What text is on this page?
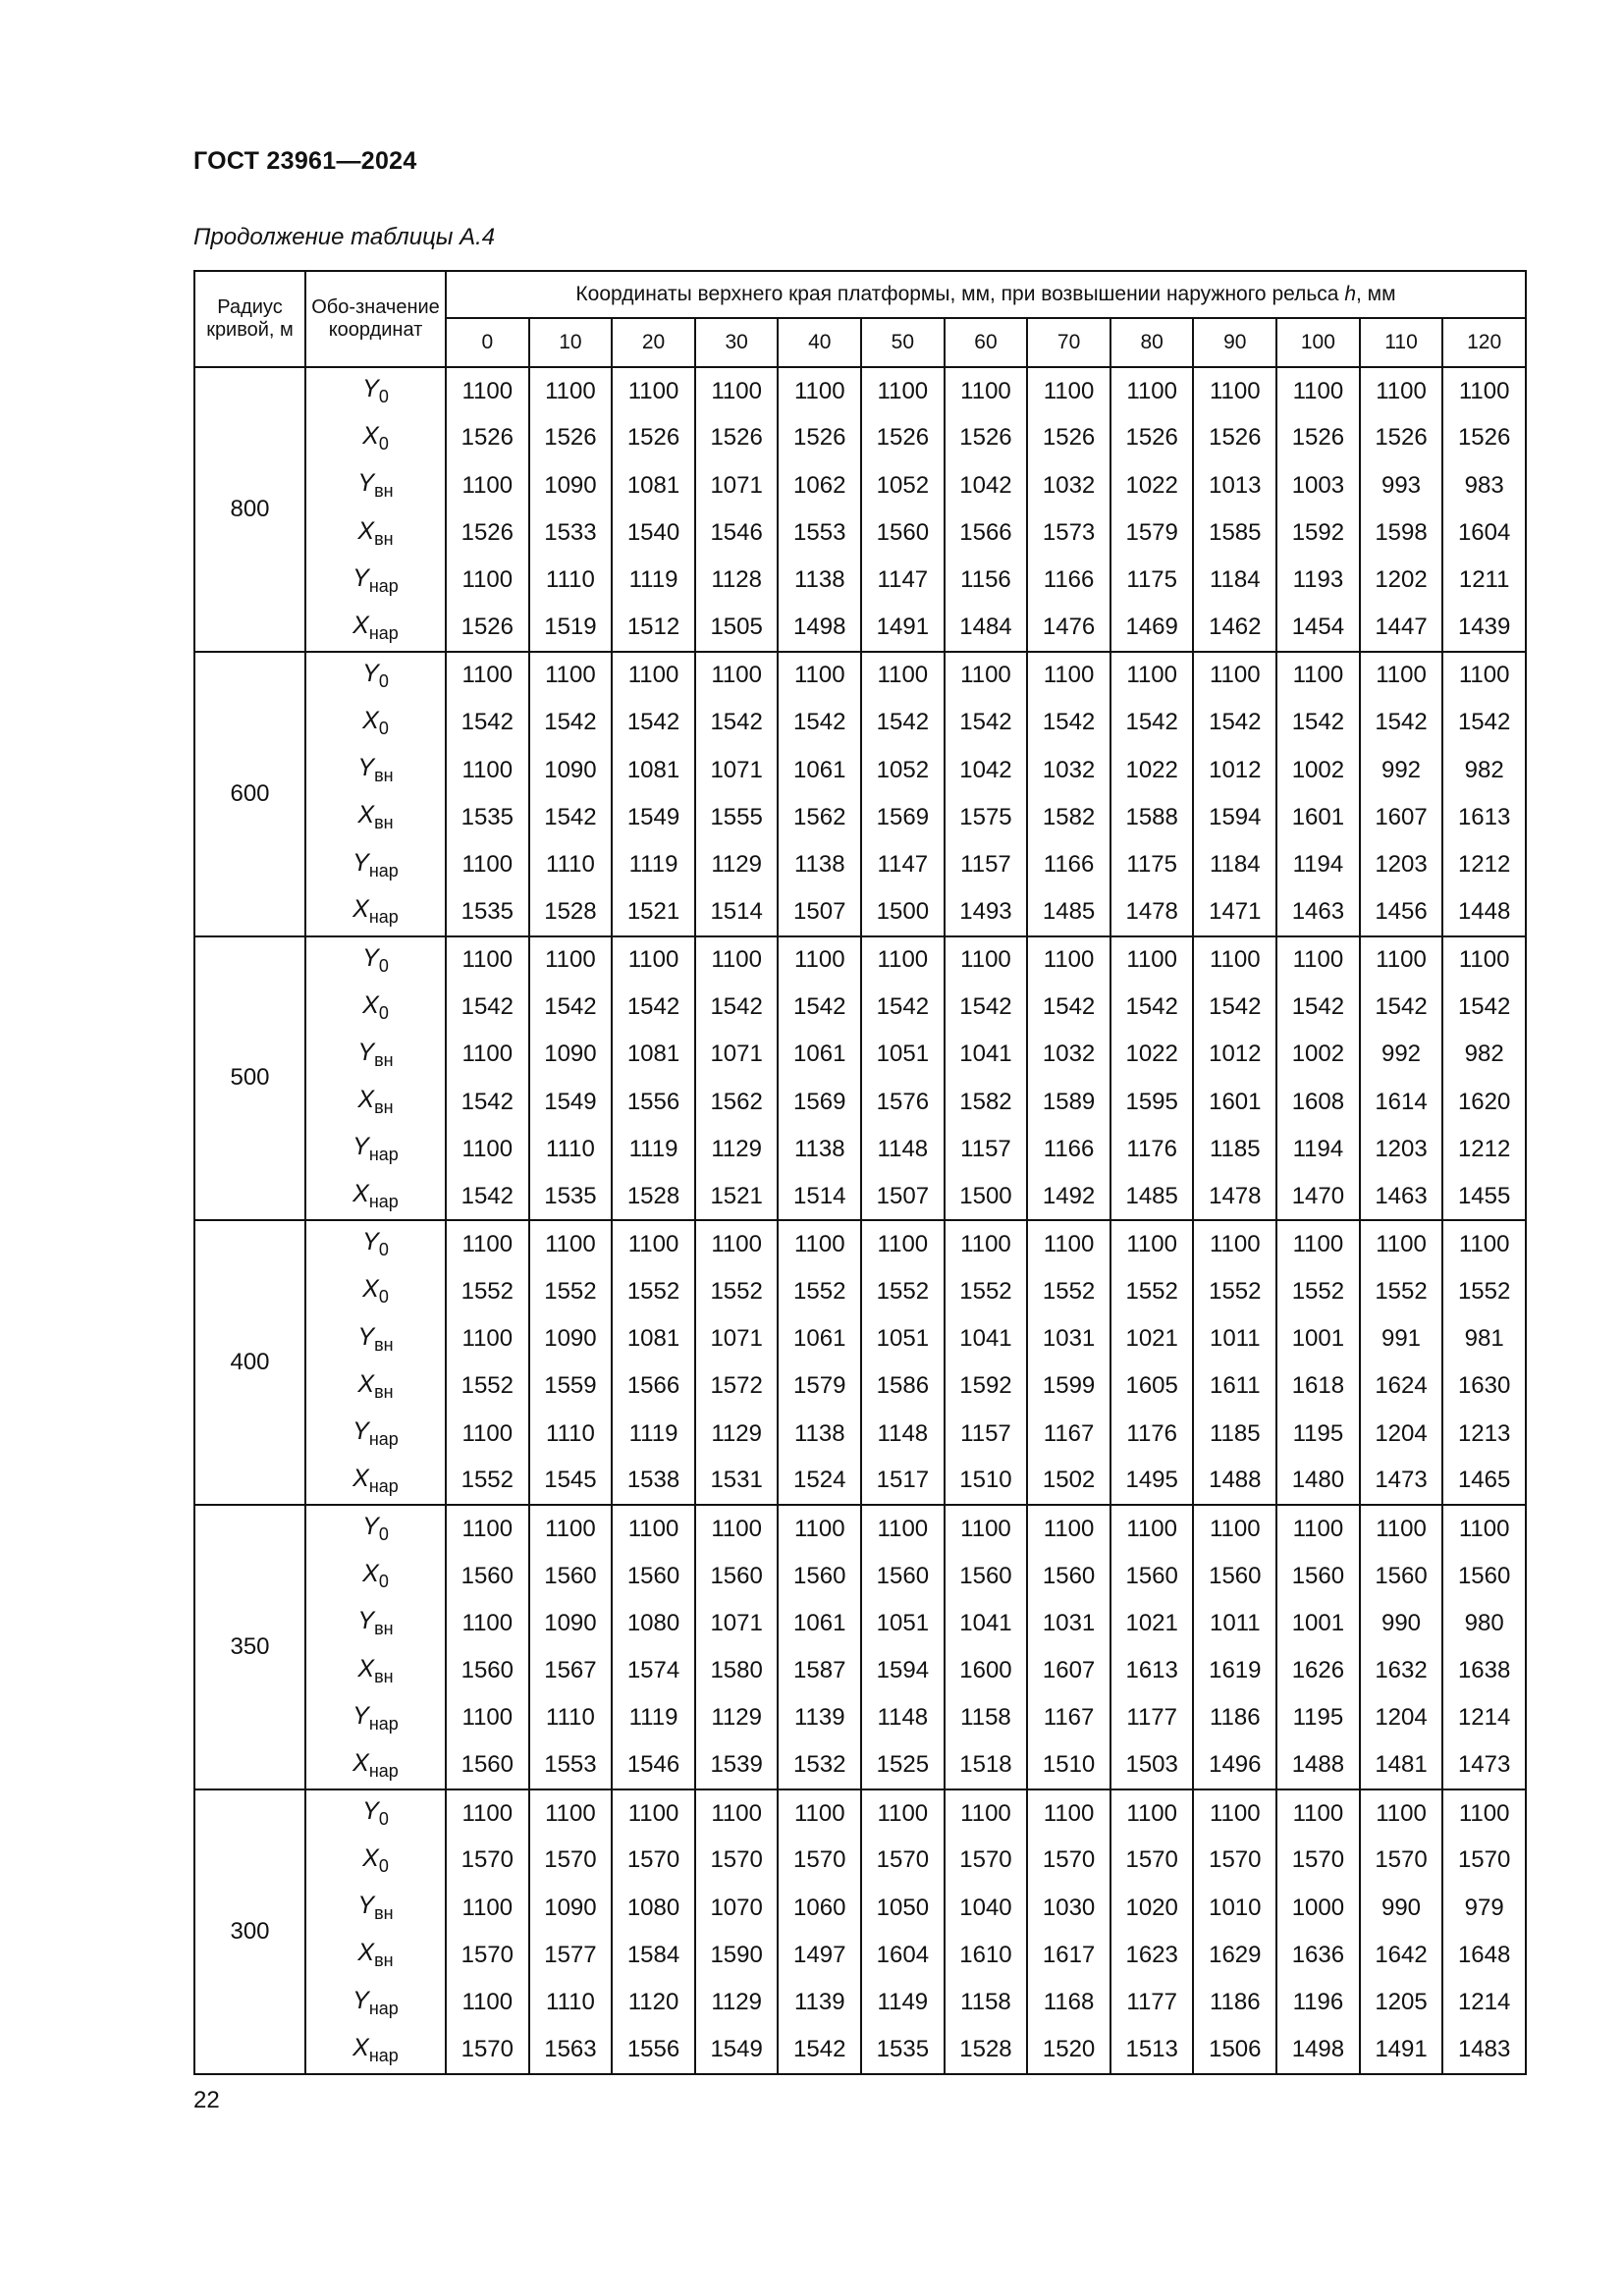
ГОСТ 23961—2024
Продолжение таблицы А.4
Радиус кривой, м	Обо-значение координат	Координаты верхнего края платформы, мм, при возвышении наружного рельса h, мм												
		0	10	20	30	40	50	60	70	80	90	100	110	120
800	$Y_0$	1100	1100	1100	1100	1100	1100	1100	1100	1100	1100	1100	1100	1100
	$X_0$	1526	1526	1526	1526	1526	1526	1526	1526	1526	1526	1526	1526	1526
	$Y_{вн}$	1100	1090	1081	1071	1062	1052	1042	1032	1022	1013	1003	993	983
	$X_{вн}$	1526	1533	1540	1546	1553	1560	1566	1573	1579	1585	1592	1598	1604
	$Y_{нар}$	1100	1110	1119	1128	1138	1147	1156	1166	1175	1184	1193	1202	1211
	$X_{нар}$	1526	1519	1512	1505	1498	1491	1484	1476	1469	1462	1454	1447	1439
600	$Y_0$	1100	1100	1100	1100	1100	1100	1100	1100	1100	1100	1100	1100	1100
	$X_0$	1542	1542	1542	1542	1542	1542	1542	1542	1542	1542	1542	1542	1542
	$Y_{вн}$	1100	1090	1081	1071	1061	1052	1042	1032	1022	1012	1002	992	982
	$X_{вн}$	1535	1542	1549	1555	1562	1569	1575	1582	1588	1594	1601	1607	1613
	$Y_{нар}$	1100	1110	1119	1129	1138	1147	1157	1166	1175	1184	1194	1203	1212
	$X_{нар}$	1535	1528	1521	1514	1507	1500	1493	1485	1478	1471	1463	1456	1448
500	$Y_0$	1100	1100	1100	1100	1100	1100	1100	1100	1100	1100	1100	1100	1100
	$X_0$	1542	1542	1542	1542	1542	1542	1542	1542	1542	1542	1542	1542	1542
	$Y_{вн}$	1100	1090	1081	1071	1061	1051	1041	1032	1022	1012	1002	992	982
	$X_{вн}$	1542	1549	1556	1562	1569	1576	1582	1589	1595	1601	1608	1614	1620
	$Y_{нар}$	1100	1110	1119	1129	1138	1148	1157	1166	1176	1185	1194	1203	1212
	$X_{нар}$	1542	1535	1528	1521	1514	1507	1500	1492	1485	1478	1470	1463	1455
400	$Y_0$	1100	1100	1100	1100	1100	1100	1100	1100	1100	1100	1100	1100	1100
	$X_0$	1552	1552	1552	1552	1552	1552	1552	1552	1552	1552	1552	1552	1552
	$Y_{вн}$	1100	1090	1081	1071	1061	1051	1041	1031	1021	1011	1001	991	981
	$X_{вн}$	1552	1559	1566	1572	1579	1586	1592	1599	1605	1611	1618	1624	1630
	$Y_{нар}$	1100	1110	1119	1129	1138	1148	1157	1167	1176	1185	1195	1204	1213
	$X_{нар}$	1552	1545	1538	1531	1524	1517	1510	1502	1495	1488	1480	1473	1465
350	$Y_0$	1100	1100	1100	1100	1100	1100	1100	1100	1100	1100	1100	1100	1100
	$X_0$	1560	1560	1560	1560	1560	1560	1560	1560	1560	1560	1560	1560	1560
	$Y_{вн}$	1100	1090	1080	1071	1061	1051	1041	1031	1021	1011	1001	990	980
	$X_{вн}$	1560	1567	1574	1580	1587	1594	1600	1607	1613	1619	1626	1632	1638
	$Y_{нар}$	1100	1110	1119	1129	1139	1148	1158	1167	1177	1186	1195	1204	1214
	$X_{нар}$	1560	1553	1546	1539	1532	1525	1518	1510	1503	1496	1488	1481	1473
300	$Y_0$	1100	1100	1100	1100	1100	1100	1100	1100	1100	1100	1100	1100	1100
	$X_0$	1570	1570	1570	1570	1570	1570	1570	1570	1570	1570	1570	1570	1570
	$Y_{вн}$	1100	1090	1080	1070	1060	1050	1040	1030	1020	1010	1000	990	979
	$X_{вн}$	1570	1577	1584	1590	1497	1604	1610	1617	1623	1629	1636	1642	1648
	$Y_{нар}$	1100	1110	1120	1129	1139	1149	1158	1168	1177	1186	1196	1205	1214
	$X_{нар}$	1570	1563	1556	1549	1542	1535	1528	1520	1513	1506	1498	1491	1483
22
